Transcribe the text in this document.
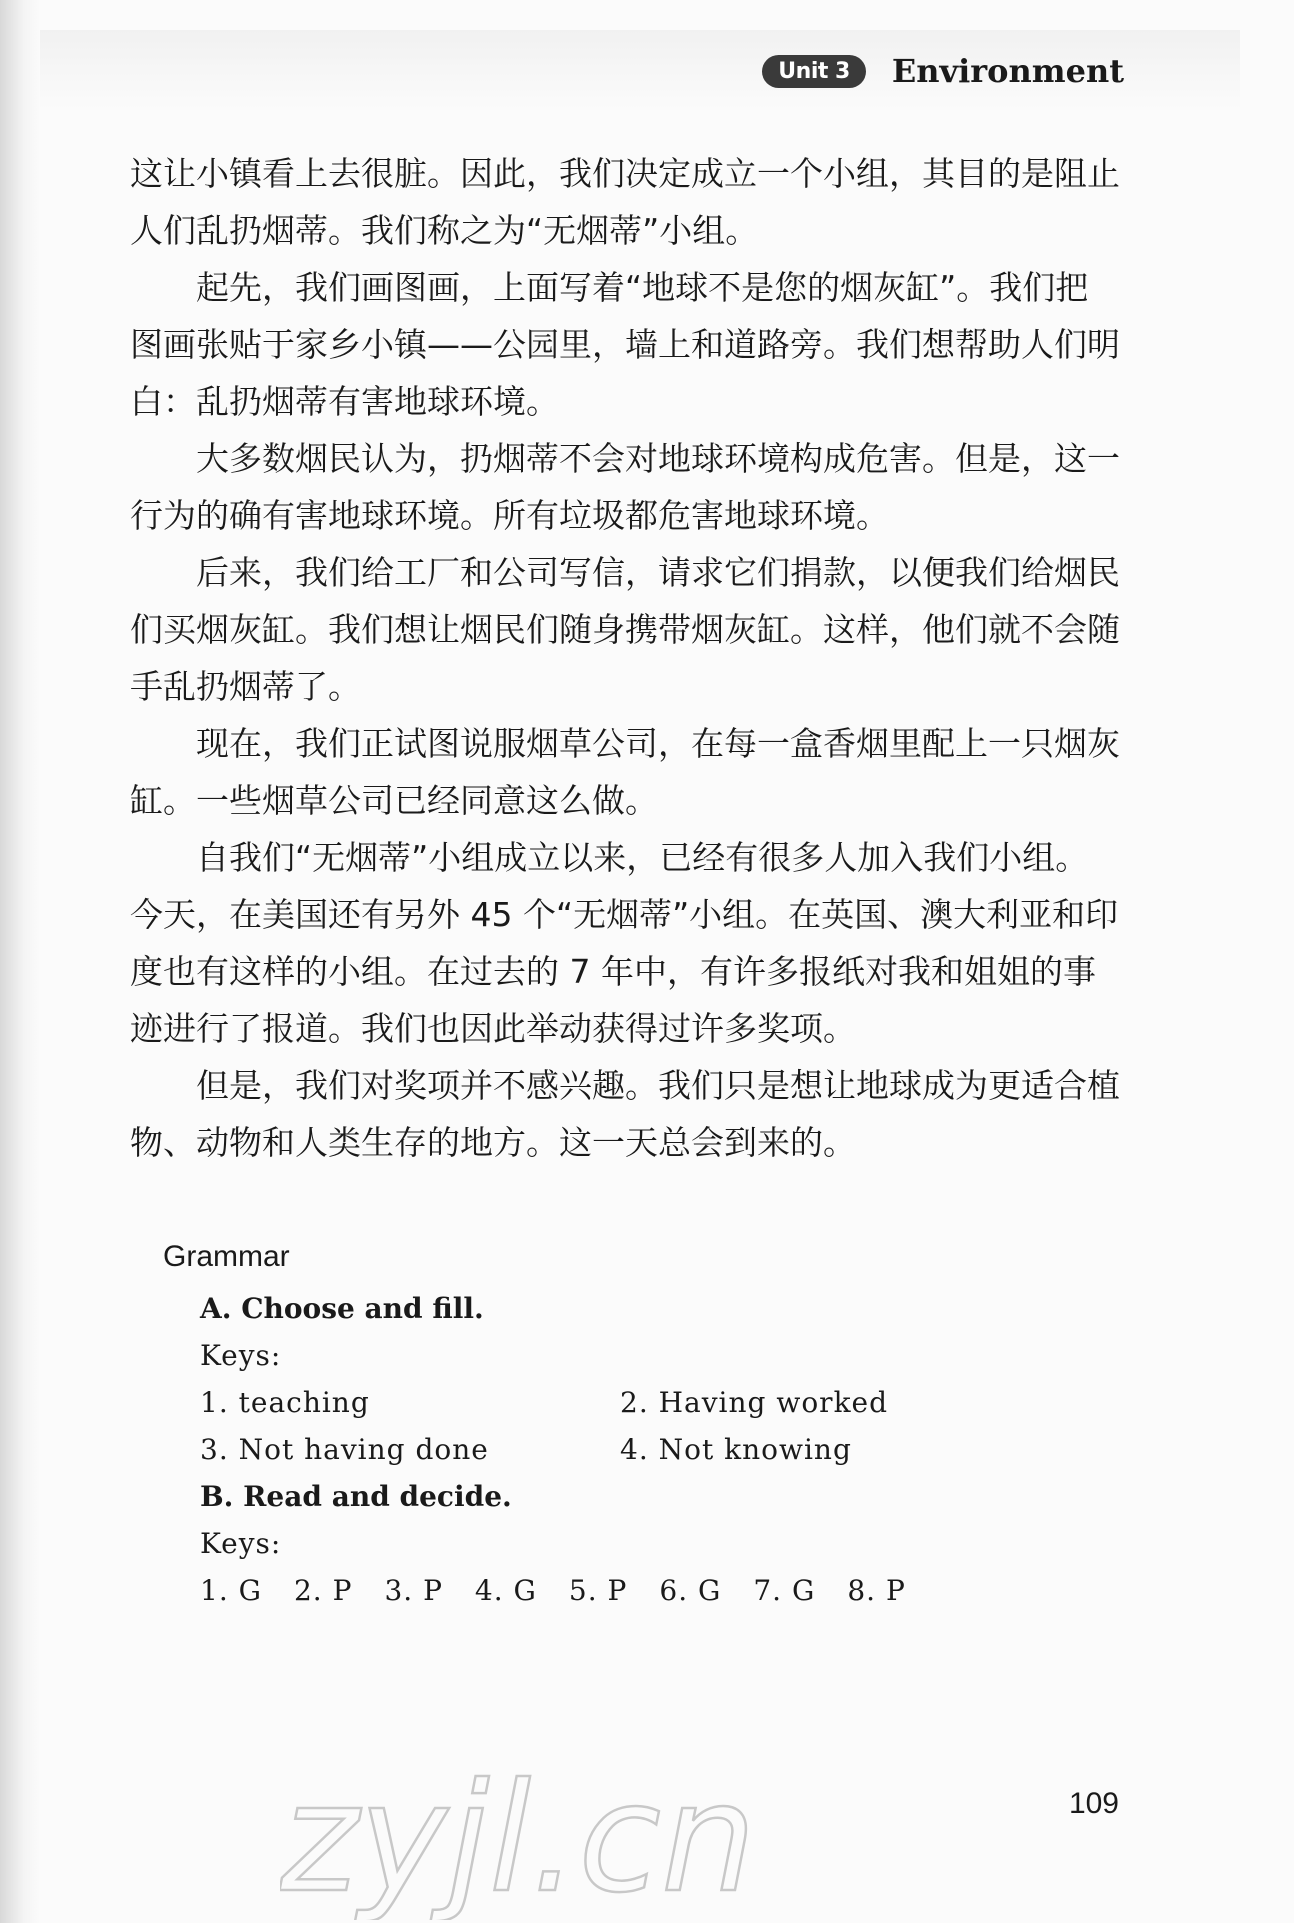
Unit 3	Environment

这让小镇看上去很脏。因此，我们决定成立一个小组，其目的是阻止人们乱扔烟蒂。我们称之为“无烟蒂”小组。

起先，我们画图画，上面写着“地球不是您的烟灰缸”。我们把图画张贴于家乡小镇——公园里，墙上和道路旁。我们想帮助人们明白：乱扔烟蒂有害地球环境。

大多数烟民认为，扔烟蒂不会对地球环境构成危害。但是，这一行为的确有害地球环境。所有垃圾都危害地球环境。

后来，我们给工厂和公司写信，请求它们捐款，以便我们给烟民们买烟灰缸。我们想让烟民们随身携带烟灰缸。这样，他们就不会随手乱扔烟蒂了。

现在，我们正试图说服烟草公司，在每一盒香烟里配上一只烟灰缸。一些烟草公司已经同意这么做。

自我们“无烟蒂”小组成立以来，已经有很多人加入我们小组。今天，在美国还有另外 45 个“无烟蒂”小组。在英国、澳大利亚和印度也有这样的小组。在过去的 7 年中，有许多报纸对我和姐姐的事迹进行了报道。我们也因此举动获得过许多奖项。

但是，我们对奖项并不感兴趣。我们只是想让地球成为更适合植物、动物和人类生存的地方。这一天总会到来的。

Grammar
A. Choose and fill.
Keys:
1. teaching	2. Having worked
3. Not having done	4. Not knowing
B. Read and decide.
Keys:
1. G 2. P 3. P 4. G 5. P 6. G 7. G 8. P
109
zyjl.cn
